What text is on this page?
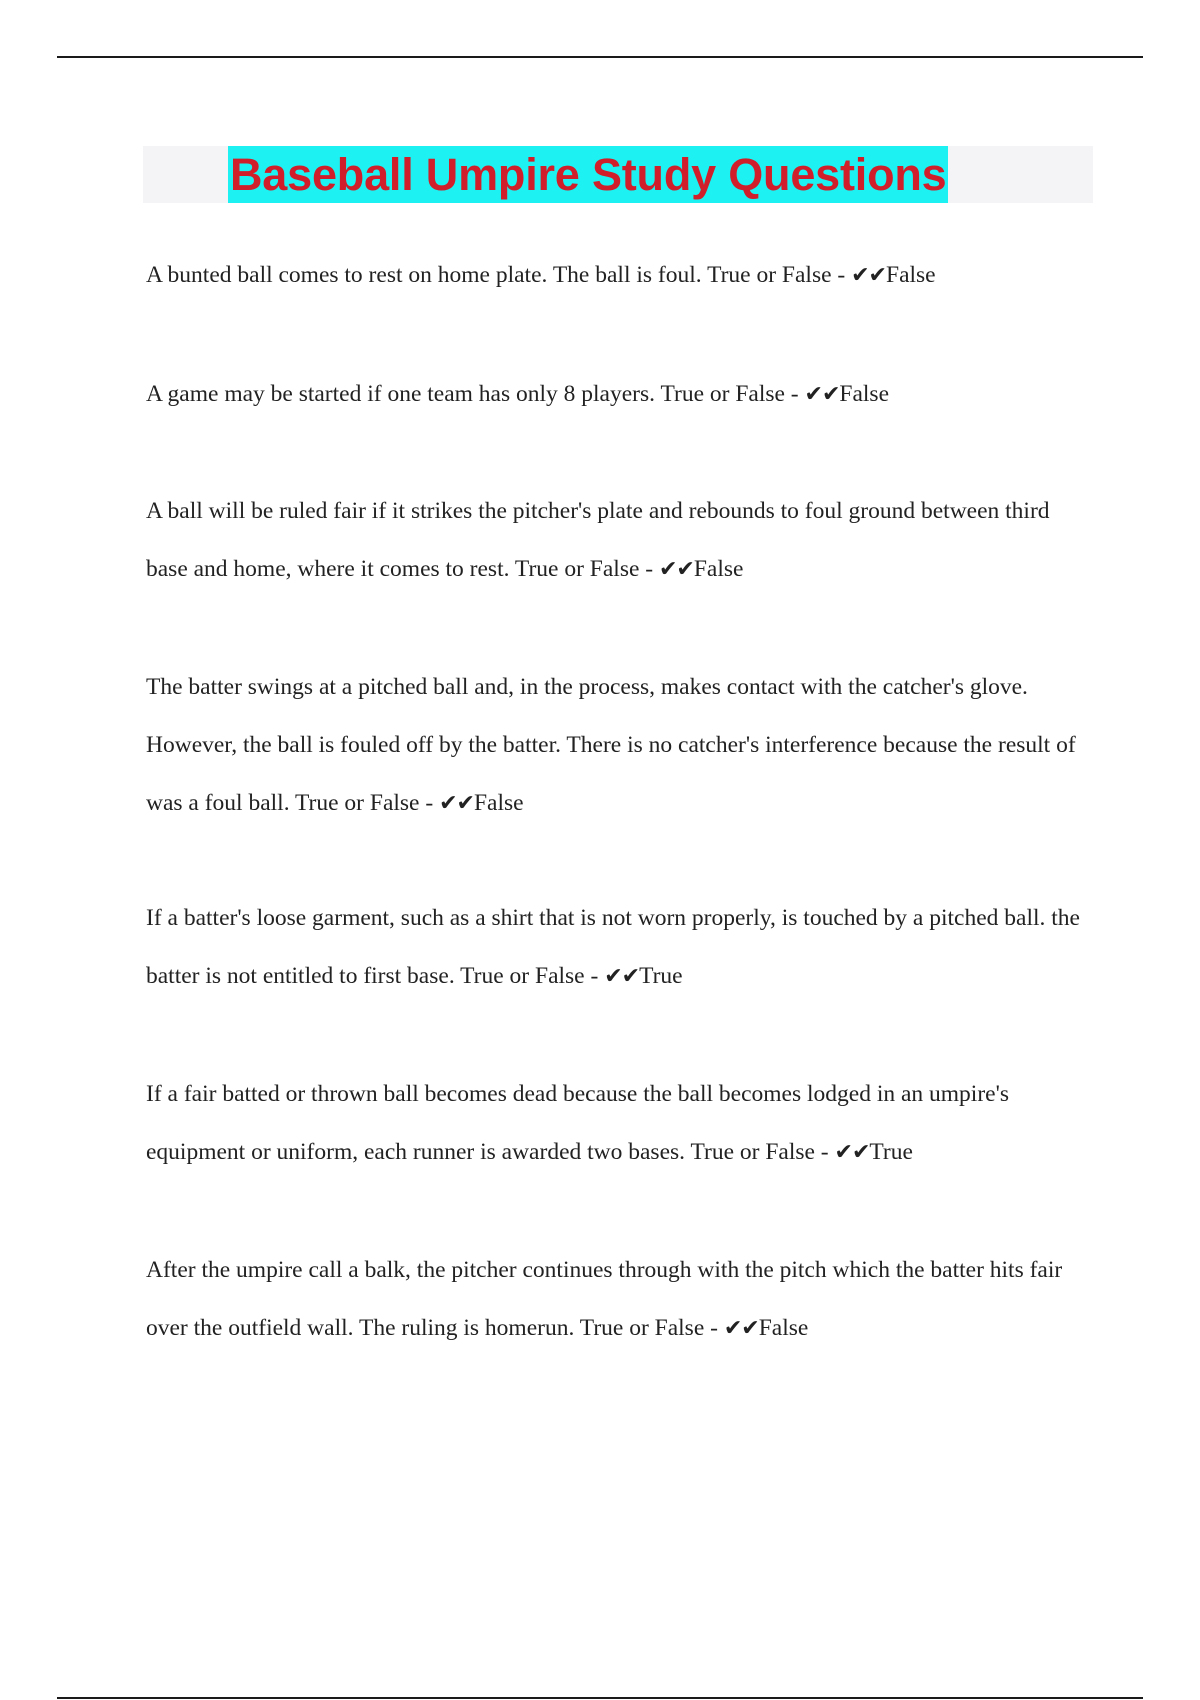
Baseball Umpire Study Questions

A bunted ball comes to rest on home plate. The ball is foul. True or False - ✔✔False

A game may be started if one team has only 8 players. True or False - ✔✔False

A ball will be ruled fair if it strikes the pitcher's plate and rebounds to foul ground between third base and home, where it comes to rest. True or False - ✔✔False

The batter swings at a pitched ball and, in the process, makes contact with the catcher's glove. However, the ball is fouled off by the batter. There is no catcher's interference because the result of was a foul ball. True or False - ✔✔False

If a batter's loose garment, such as a shirt that is not worn properly, is touched by a pitched ball. the batter is not entitled to first base. True or False - ✔✔True

If a fair batted or thrown ball becomes dead because the ball becomes lodged in an umpire's equipment or uniform, each runner is awarded two bases. True or False - ✔✔True

After the umpire call a balk, the pitcher continues through with the pitch which the batter hits fair over the outfield wall. The ruling is homerun. True or False - ✔✔False
